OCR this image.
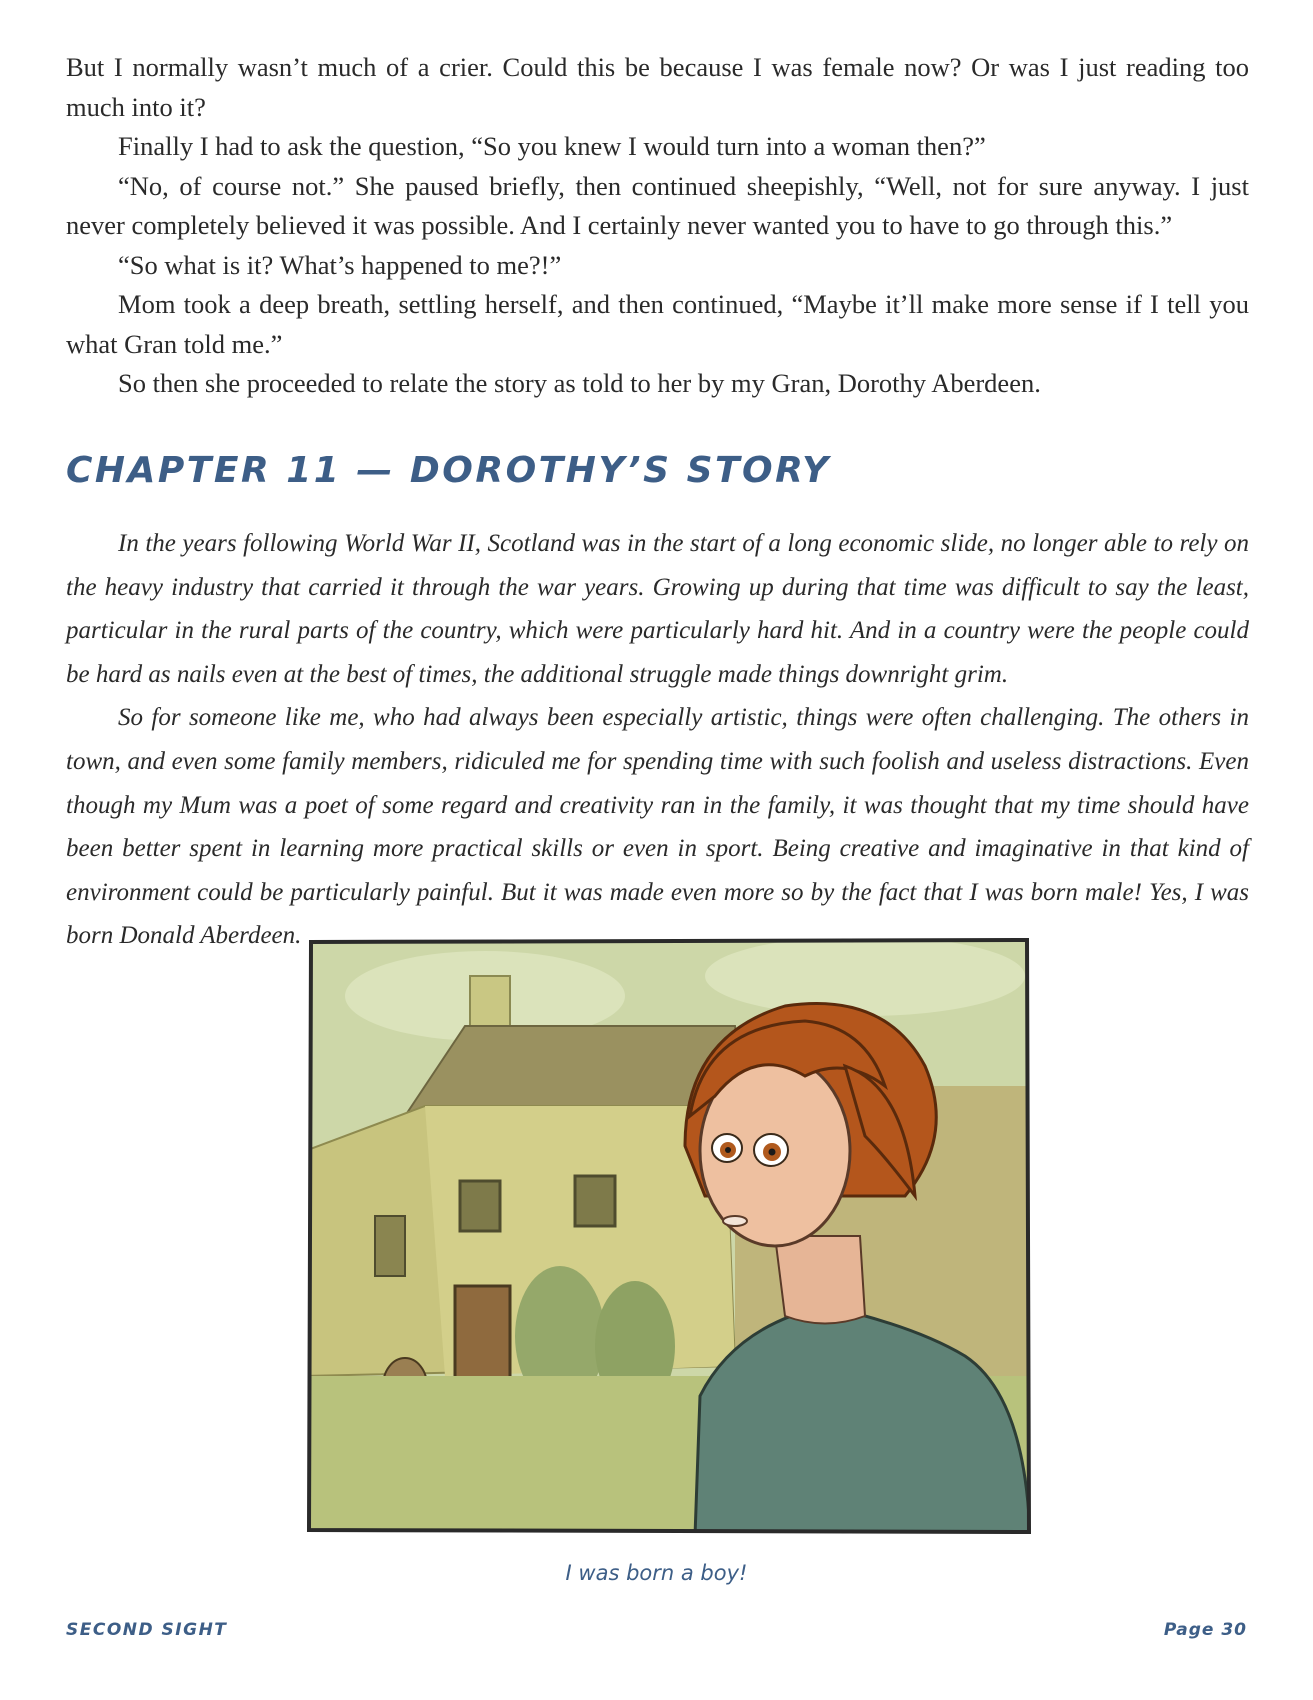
But I normally wasn’t much of a crier. Could this be because I was female now? Or was I just reading too much into it?

Finally I had to ask the question, “So you knew I would turn into a woman then?”

“No, of course not.” She paused briefly, then continued sheepishly, “Well, not for sure anyway. I just never completely believed it was possible. And I certainly never wanted you to have to go through this.”

“So what is it? What’s happened to me?!”

Mom took a deep breath, settling herself, and then continued, “Maybe it’ll make more sense if I tell you what Gran told me.”

So then she proceeded to relate the story as told to her by my Gran, Dorothy Aberdeen.

CHAPTER 11 — DOROTHY’S STORY

In the years following World War II, Scotland was in the start of a long economic slide, no longer able to rely on the heavy industry that carried it through the war years. Growing up during that time was difficult to say the least, particular in the rural parts of the country, which were particularly hard hit. And in a country were the people could be hard as nails even at the best of times, the additional struggle made things downright grim.

So for someone like me, who had always been especially artistic, things were often challenging. The others in town, and even some family members, ridiculed me for spending time with such foolish and useless distractions. Even though my Mum was a poet of some regard and creativity ran in the family, it was thought that my time should have been better spent in learning more practical skills or even in sport. Being creative and imaginative in that kind of environment could be particularly painful. But it was made even more so by the fact that I was born male! Yes, I was born Donald Aberdeen.

I was born a boy!
SECOND SIGHT	Page 30
